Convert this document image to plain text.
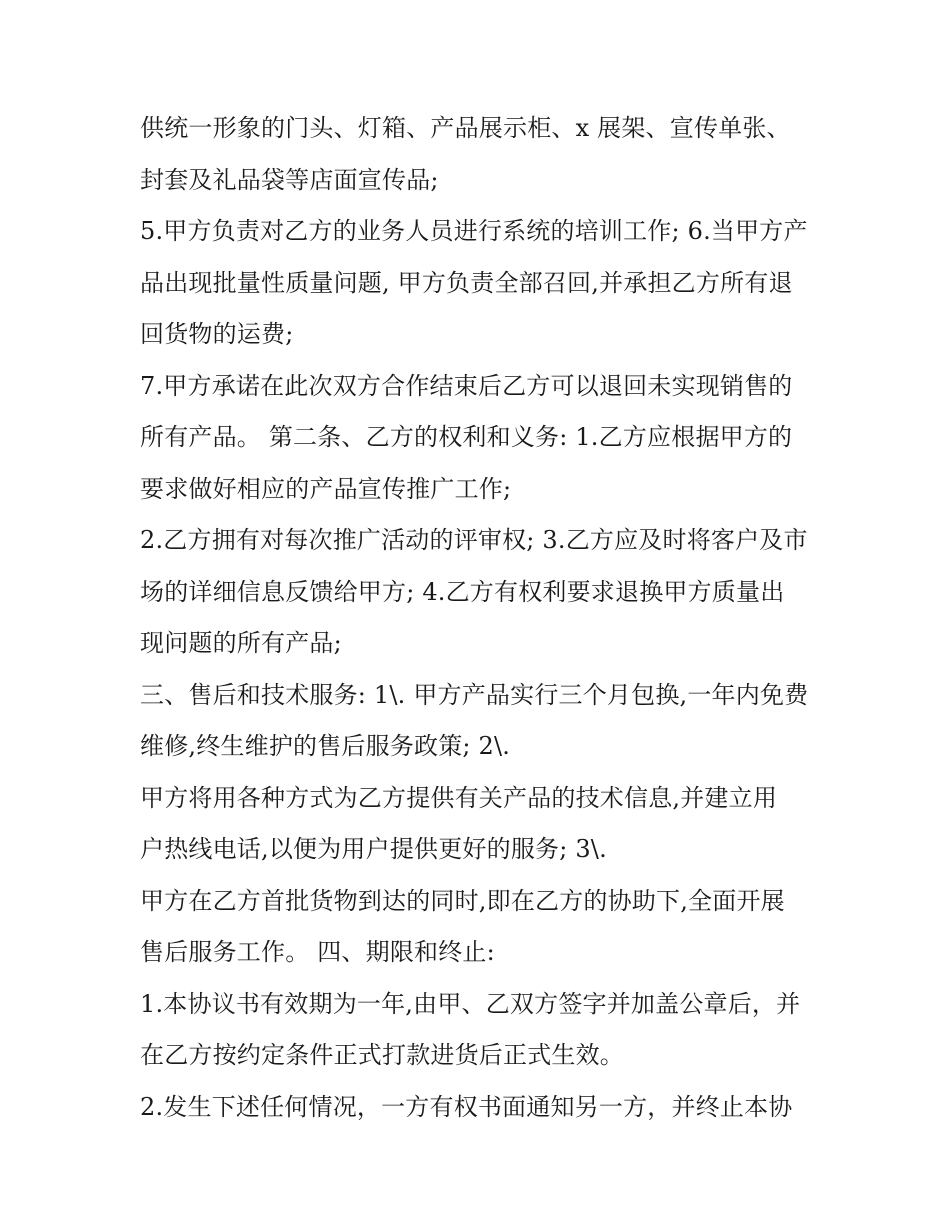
供统一形象的门头、灯箱、产品展示柜、x 展架、宣传单张、
封套及礼品袋等店面宣传品;
5.甲方负责对乙方的业务人员进行系统的培训工作; 6.当甲方产
品出现批量性质量问题, 甲方负责全部召回,并承担乙方所有退
回货物的运费;
7.甲方承诺在此次双方合作结束后乙方可以退回未实现销售的
所有产品。 第二条、乙方的权利和义务: 1.乙方应根据甲方的
要求做好相应的产品宣传推广工作;
2.乙方拥有对每次推广活动的评审权; 3.乙方应及时将客户及市
场的详细信息反馈给甲方; 4.乙方有权利要求退换甲方质量出
现问题的所有产品;
三、售后和技术服务: 1\. 甲方产品实行三个月包换,一年内免费
维修,终生维护的售后服务政策; 2\.
甲方将用各种方式为乙方提供有关产品的技术信息,并建立用
户热线电话,以便为用户提供更好的服务; 3\.
甲方在乙方首批货物到达的同时,即在乙方的协助下,全面开展
售后服务工作。 四、期限和终止:
1.本协议书有效期为一年,由甲、乙双方签字并加盖公章后，并
在乙方按约定条件正式打款进货后正式生效。
2.发生下述任何情况，一方有权书面通知另一方，并终止本协
